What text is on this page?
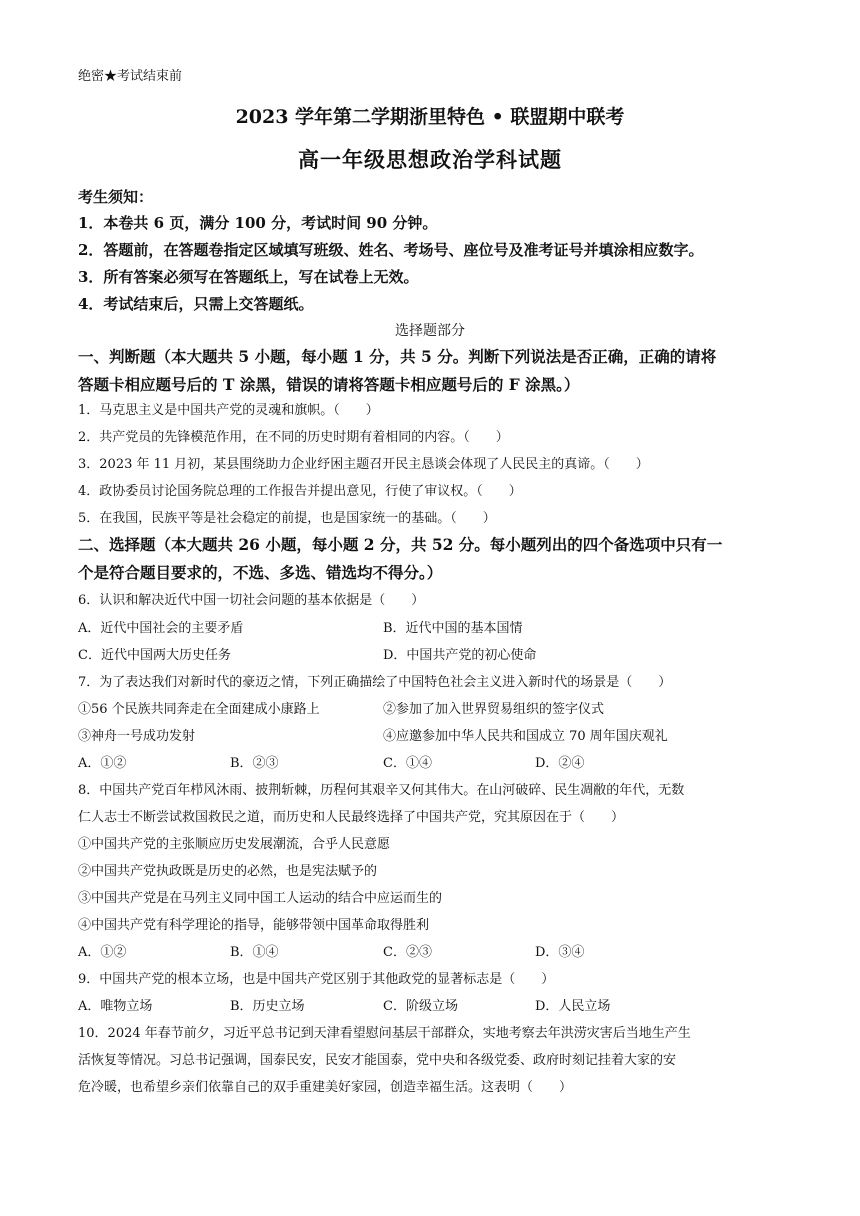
绝密★考试结束前
2023 学年第二学期浙里特色 • 联盟期中联考
高一年级思想政治学科试题
考生须知：
1．本卷共 6 页，满分 100 分，考试时间 90 分钟。
2．答题前，在答题卷指定区域填写班级、姓名、考场号、座位号及准考证号并填涂相应数字。
3．所有答案必须写在答题纸上，写在试卷上无效。
4．考试结束后，只需上交答题纸。
选择题部分
一、判断题（本大题共 5 小题，每小题 1 分，共 5 分。判断下列说法是否正确，正确的请将
答题卡相应题号后的 T 涂黑，错误的请将答题卡相应题号后的 F 涂黑。）
1．马克思主义是中国共产党的灵魂和旗帜。（　　）
2．共产党员的先锋模范作用，在不同的历史时期有着相同的内容。（　　）
3．2023 年 11 月初，某县围绕助力企业纾困主题召开民主恳谈会体现了人民民主的真谛。（　　）
4．政协委员讨论国务院总理的工作报告并提出意见，行使了审议权。（　　）
5．在我国，民族平等是社会稳定的前提，也是国家统一的基础。（　　）
二、选择题（本大题共 26 小题，每小题 2 分，共 52 分。每小题列出的四个备选项中只有一
个是符合题目要求的，不选、多选、错选均不得分。）
6．认识和解决近代中国一切社会问题的基本依据是（　　）
A．近代中国社会的主要矛盾	B．近代中国的基本国情
C．近代中国两大历史任务	D．中国共产党的初心使命
7．为了表达我们对新时代的豪迈之情，下列正确描绘了中国特色社会主义进入新时代的场景是（　　）
①56 个民族共同奔走在全面建成小康路上	②参加了加入世界贸易组织的签字仪式
③神舟一号成功发射	④应邀参加中华人民共和国成立 70 周年国庆观礼
A．①②	B．②③	C．①④	D．②④
8．中国共产党百年栉风沐雨、披荆斩棘，历程何其艰辛又何其伟大。在山河破碎、民生凋敝的年代，无数
仁人志士不断尝试救国救民之道，而历史和人民最终选择了中国共产党，究其原因在于（　　）
①中国共产党的主张顺应历史发展潮流，合乎人民意愿
②中国共产党执政既是历史的必然，也是宪法赋予的
③中国共产党是在马列主义同中国工人运动的结合中应运而生的
④中国共产党有科学理论的指导，能够带领中国革命取得胜利
A．①②	B．①④	C．②③	D．③④
9．中国共产党的根本立场，也是中国共产党区别于其他政党的显著标志是（　　）
A．唯物立场	B．历史立场	C．阶级立场	D．人民立场
10．2024 年春节前夕，习近平总书记到天津看望慰问基层干部群众，实地考察去年洪涝灾害后当地生产生
活恢复等情况。习总书记强调，国泰民安，民安才能国泰，党中央和各级党委、政府时刻记挂着大家的安
危冷暖，也希望乡亲们依靠自己的双手重建美好家园，创造幸福生活。这表明（　　）
